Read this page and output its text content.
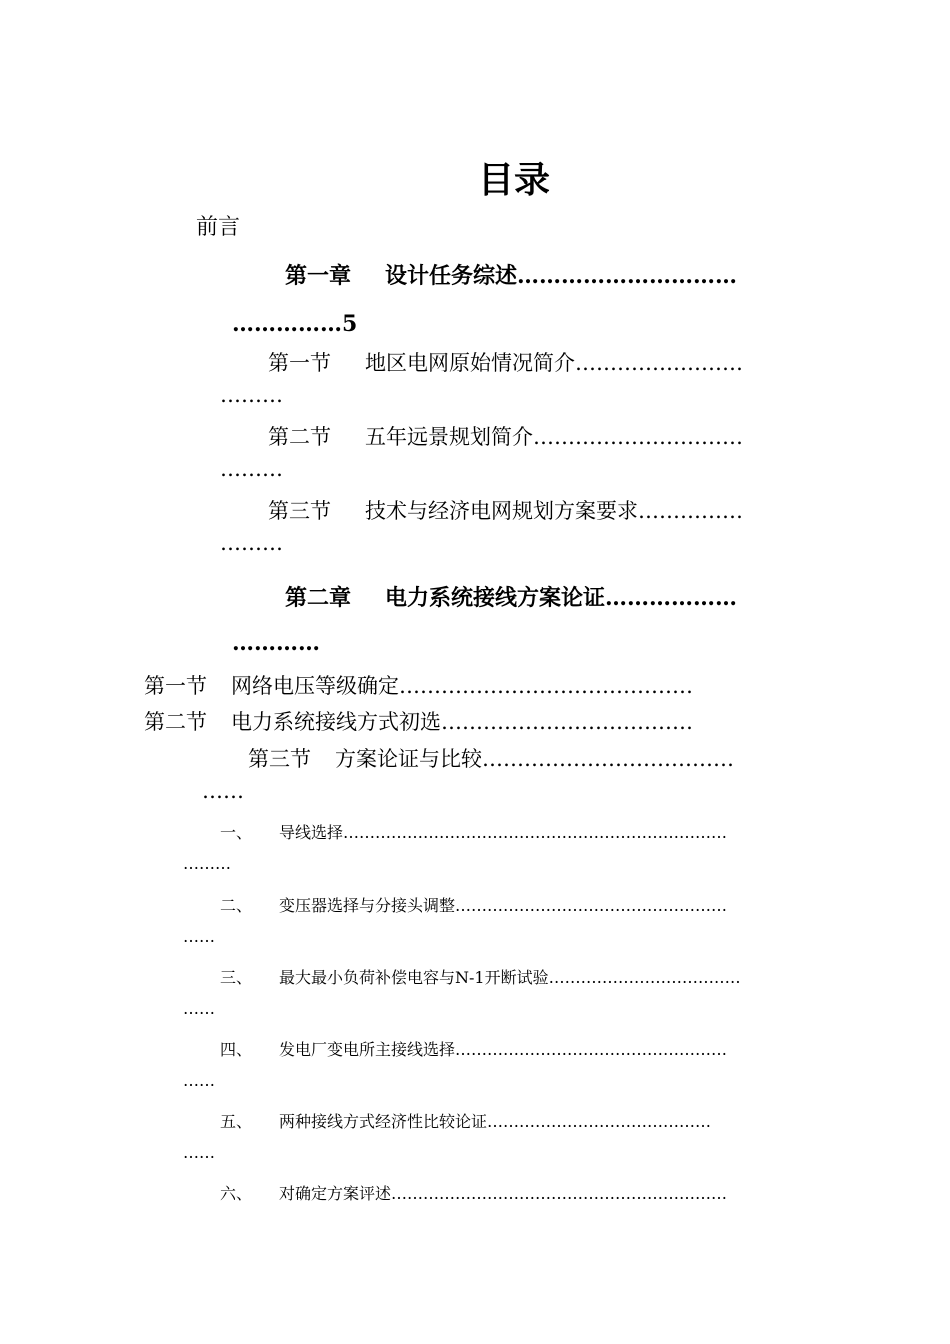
目录
前言
第一章 设计任务综述…………………………
……………5
第一节 地区电网原始情况简介……………………
………
第二节 五年远景规划简介…………………………
………
第三节 技术与经济电网规划方案要求……………
………
第二章 电力系统接线方案论证………………
…………
第一节 网络电压等级确定……………………………………
第二节 电力系统接线方式初选………………………………
第三节 方案论证与比较………………………………
……
一、 导线选择………………………………………………………………
………
二、 变压器选择与分接头调整……………………………………………
……
三、 最大最小负荷补偿电容与N-1开断试验………………………………
……
四、 发电厂变电所主接线选择……………………………………………
……
五、 两种接线方式经济性比较论证……………………………………
……
六、 对确定方案评述………………………………………………………
